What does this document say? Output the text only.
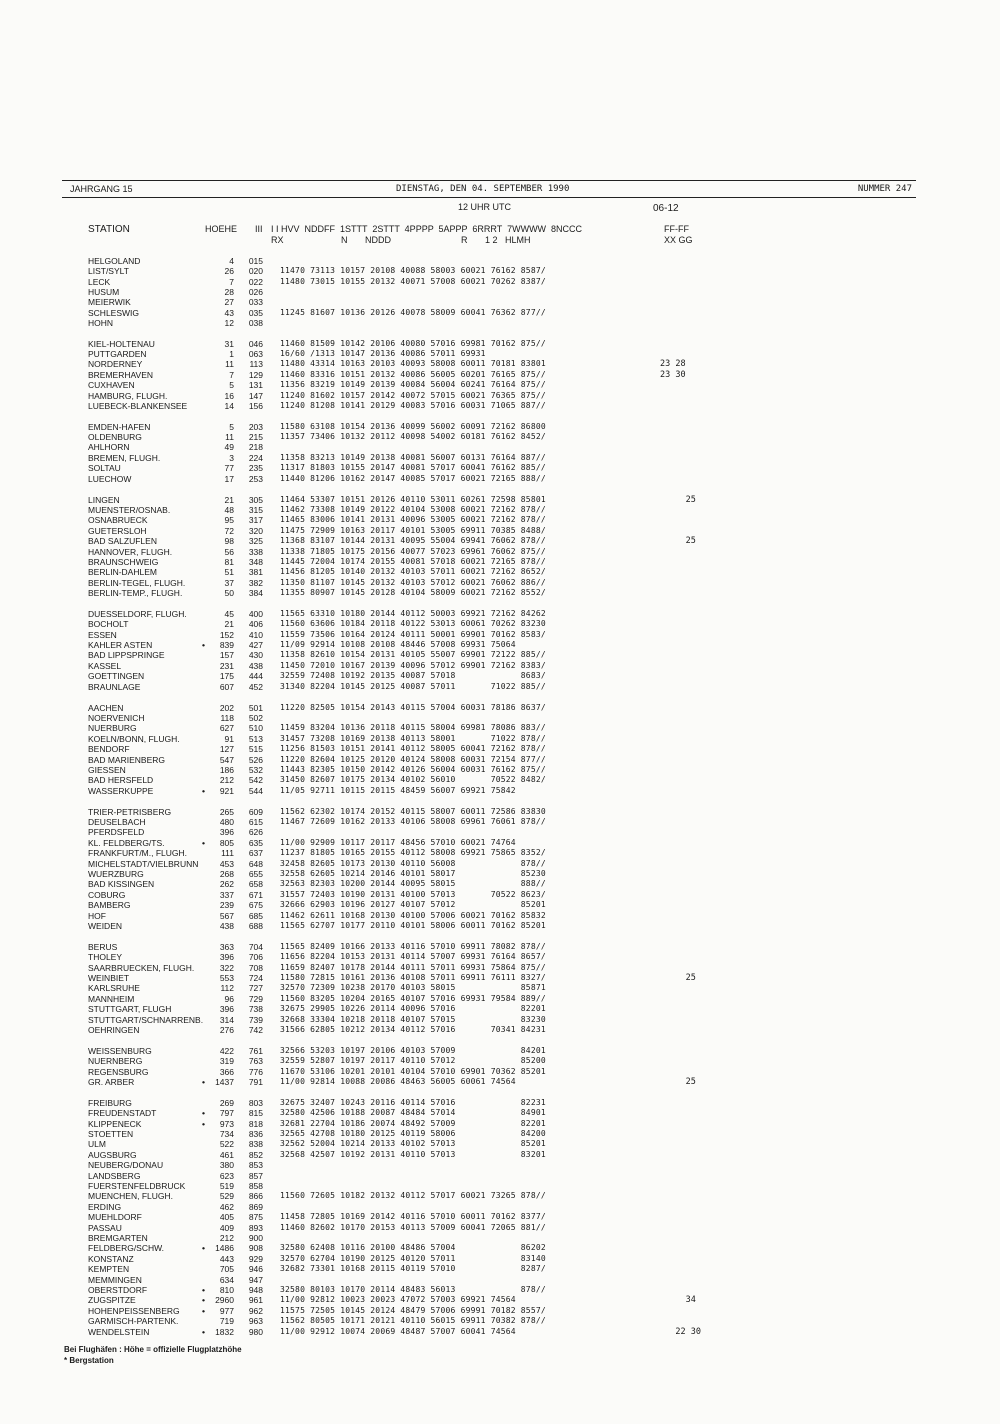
JAHRGANG 15	DIENSTAG, DEN 04. SEPTEMBER 1990	NUMMER 247
12 UHR UTC	06-12
STATION	HOEHE III I I HVV  NDDFF  1STTT  2STTT  4PPPP  5APPP  6RRRT  7WWWW  8NCCC
RX                       N       NDDD                            R       1 2   HLMH
FF-FF
XX GG
HELGOLAND	4 015
LIST/SYLT	26 020 11470 73113 10157 20108 40088 58003 60021 76162 8587/
LECK	7 022 11480 73015 10155 20132 40071 57008 60021 70262 8387/
HUSUM	28 026
MEIERWIK	27 033
SCHLESWIG	43 035 11245 81607 10136 20126 40078 58009 60041 76362 877//
HOHN	12 038
KIEL-HOLTENAU	31 046 11460 81509 10142 20106 40080 57016 69981 70162 875//
PUTTGARDEN	1 063 16/60 /1313 10147 20136 40086 57011 69931
NORDERNEY	11 113 11480 43314 10163 20103 40093 58008 60011 70181 83801	23 28
BREMERHAVEN	7 129 11460 83316 10151 20132 40086 56005 60201 76165 875//	23 30
CUXHAVEN	5 131 11356 83219 10149 20139 40084 56004 60241 76164 875//
HAMBURG, FLUGH.	16 147 11240 81602 10157 20142 40072 57015 60021 76365 875//
LUEBECK-BLANKENSEE	14 156 11240 81208 10141 20129 40083 57016 60031 71065 887//
EMDEN-HAFEN	5 203 11580 63108 10154 20136 40099 56002 60091 72162 86800
OLDENBURG	11 215 11357 73406 10132 20112 40098 54002 60181 76162 8452/
AHLHORN	49 218
BREMEN, FLUGH.	3 224 11358 83213 10149 20138 40081 56007 60131 76164 887//
SOLTAU	77 235 11317 81803 10155 20147 40081 57017 60041 76162 885//
LUECHOW	17 253 11440 81206 10162 20147 40085 57017 60021 72165 888//
LINGEN	21 305 11464 53307 10151 20126 40110 53011 60261 72598 85801	25
MUENSTER/OSNAB.	48 315 11462 73308 10149 20122 40104 53008 60021 72162 878//
OSNABRUECK	95 317 11465 83006 10141 20131 40096 53005 60021 72162 878//
GUETERSLOH	72 320 11475 72909 10163 20117 40101 53005 69911 70385 8488/
BAD SALZUFLEN	98 325 11368 83107 10144 20131 40095 55004 69941 76062 878//	25
HANNOVER, FLUGH.	56 338 11338 71805 10175 20156 40077 57023 69961 76062 875//
BRAUNSCHWEIG	81 348 11445 72004 10174 20155 40081 57018 60021 72165 878//
BERLIN-DAHLEM	51 381 11456 81205 10140 20132 40103 57011 60021 72162 8652/
BERLIN-TEGEL, FLUGH.	37 382 11350 81107 10145 20132 40103 57012 60021 76062 886//
BERLIN-TEMP., FLUGH.	50 384 11355 80907 10145 20128 40104 58009 60021 72162 8552/
DUESSELDORF, FLUGH.	45 400 11565 63310 10180 20144 40112 50003 69921 72162 84262
BOCHOLT	21 406 11560 63606 10184 20118 40122 53013 60061 70262 83230
ESSEN	152 410 11559 73506 10164 20124 40111 50001 69901 70162 8583/
KAHLER ASTEN	•	839 427 11/09 92914 10108 20108 48446 57008 69931 75064
BAD LIPPSPRINGE	157 430 11358 82610 10154 20131 40105 55007 69901 72122 885//
KASSEL	231 438 11450 72010 10167 20139 40096 57012 69901 72162 8383/
GOETTINGEN	175 444 32559 72408 10192 20135 40087 57018             8683/
BRAUNLAGE	607 452 31340 82204 10145 20125 40087 57011       71022 885//
AACHEN	202 501 11220 82505 10154 20143 40115 57004 60031 78186 8637/
NOERVENICH	118 502
NUERBURG	627 510 11459 83204 10136 20118 40115 58004 69981 78086 883//
KOELN/BONN, FLUGH.	91 513 31457 73208 10169 20138 40113 58001       71022 878//
BENDORF	127 515 11256 81503 10151 20141 40112 58005 60041 72162 878//
BAD MARIENBERG	547 526 11220 82604 10125 20120 40124 58008 60031 72154 877//
GIESSEN	186 532 11443 82305 10150 20142 40126 56004 60031 76162 875//
BAD HERSFELD	212 542 31450 82607 10175 20134 40102 56010       70522 8482/
WASSERKUPPE	•	921 544 11/05 92711 10115 20115 48459 56007 69921 75842
TRIER-PETRISBERG	265 609 11562 62302 10174 20152 40115 58007 60011 72586 83830
DEUSELBACH	480 615 11467 72609 10162 20133 40106 58008 69961 76061 878//
PFERDSFELD	396 626
KL. FELDBERG/TS.	•	805 635 11/00 92909 10117 20117 48456 57010 60021 74764
FRANKFURT/M., FLUGH.	111 637 11237 81805 10165 20155 40112 58008 69921 75865 8352/
MICHELSTADT/VIELBRUNN	453 648 32458 82605 10173 20130 40110 56008             878//
WUERZBURG	268 655 32558 62605 10214 20146 40101 58017             85230
BAD KISSINGEN	262 658 32563 82303 10200 20144 40095 58015             888//
COBURG	337 671 31557 72403 10190 20131 40100 57013       70522 8623/
BAMBERG	239 675 32666 62903 10196 20127 40107 57012             85201
HOF	567 685 11462 62611 10168 20130 40100 57006 60021 70162 85832
WEIDEN	438 688 11565 62707 10177 20110 40101 58006 60011 70162 85201
BERUS	363 704 11565 82409 10166 20133 40116 57010 69911 78082 878//
THOLEY	396 706 11656 82204 10153 20131 40114 57007 69931 76164 8657/
SAARBRUECKEN, FLUGH.	322 708 11659 82407 10178 20144 40111 57011 69931 75864 875//
WEINBIET	553 724 11580 72815 10161 20136 40108 57011 69911 76111 8327/	25
KARLSRUHE	112 727 32570 72309 10238 20170 40103 58015             85871
MANNHEIM	96 729 11560 83205 10204 20165 40107 57016 69931 79584 889//
STUTTGART, FLUGH	396 738 32675 29905 10226 20114 40096 57016             82201
STUTTGART/SCHNARRENB.	314 739 32668 33304 10218 20118 40107 57015             83230
OEHRINGEN	276 742 31566 62805 10212 20134 40112 57016       70341 84231
WEISSENBURG	422 761 32566 53203 10197 20106 40103 57009             84201
NUERNBERG	319 763 32559 52807 10197 20117 40110 57012             85200
REGENSBURG	366 776 11670 53106 10201 20101 40104 57010 69901 70362 85201
GR. ARBER	•	1437 791 11/00 92814 10088 20086 48463 56005 60061 74564	25
FREIBURG	269 803 32675 32407 10243 20116 40114 57016             82231
FREUDENSTADT	•	797 815 32580 42506 10188 20087 48484 57014             84901
KLIPPENECK	•	973 818 32681 22704 10186 20074 48492 57009             82201
STOETTEN	734 836 32565 42708 10180 20125 40119 58006             84200
ULM	522 838 32562 52004 10214 20133 40102 57013             85201
AUGSBURG	461 852 32568 42507 10192 20131 40110 57013             83201
NEUBERG/DONAU	380 853
LANDSBERG	623 857
FUERSTENFELDBRUCK	519 858
MUENCHEN, FLUGH.	529 866 11560 72605 10182 20132 40112 57017 60021 73265 878//
ERDING	462 869
MUEHLDORF	405 875 11458 72805 10169 20142 40116 57010 60011 70162 8377/
PASSAU	409 893 11460 82602 10170 20153 40113 57009 60041 72065 881//
BREMGARTEN	212 900
FELDBERG/SCHW.	•	1486 908 32580 62408 10116 20100 48486 57004             86202
KONSTANZ	443 929 32570 62704 10190 20125 40120 57011             83140
KEMPTEN	705 946 32682 73301 10168 20115 40119 57010             8287/
MEMMINGEN	634 947
OBERSTDORF	•	810 948 32580 80103 10170 20114 48483 56013             878//
ZUGSPITZE	•	2960 961 11/00 92812 10023 20023 47072 57003 69921 74564	34
HOHENPEISSENBERG	•	977 962 11575 72505 10145 20124 48479 57006 69991 70182 8557/
GARMISCH-PARTENK.	719 963 11562 80505 10171 20121 40110 56015 69911 70382 878//
WENDELSTEIN	•	1832 980 11/00 92912 10074 20069 48487 57007 60041 74564	22 30
Bei Flughäfen : Höhe = offizielle Flugplatzhöhe
* Bergstation
